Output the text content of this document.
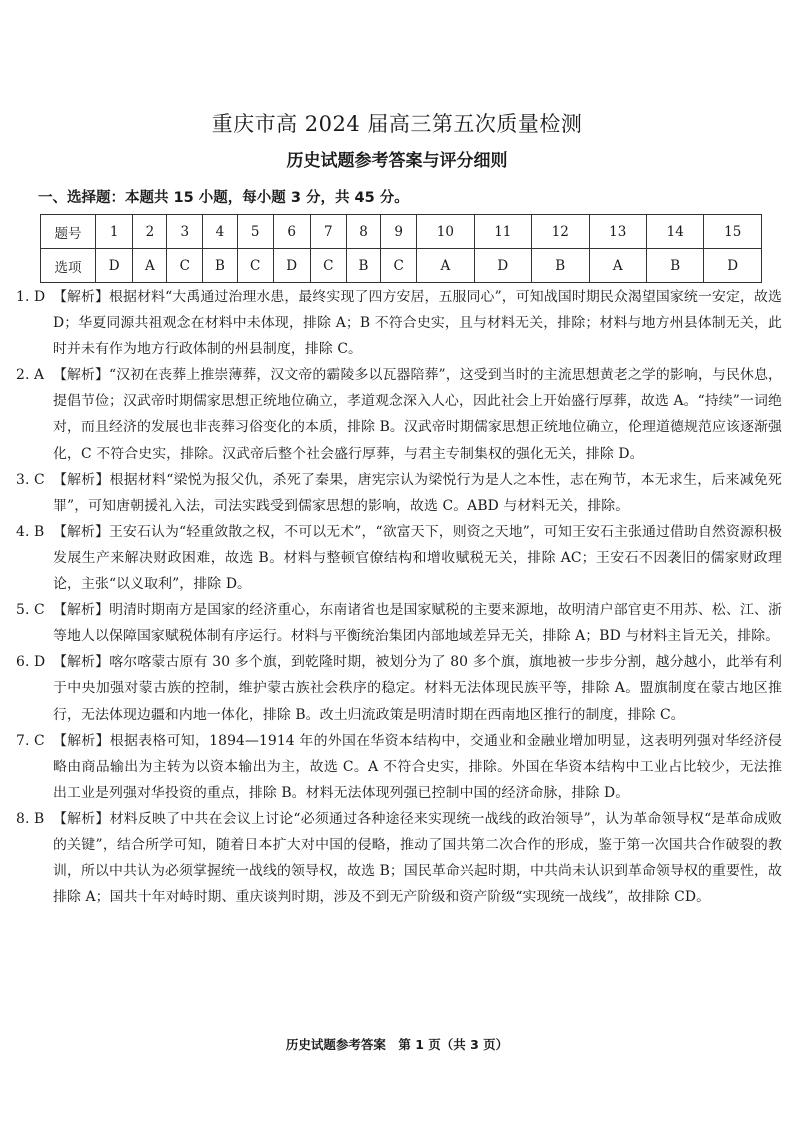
重庆市高 2024 届高三第五次质量检测
历史试题参考答案与评分细则
一、选择题：本题共 15 小题，每小题 3 分，共 45 分。
题号	1	2	3	4	5	6	7	8	9	10	11	12	13	14	15
选项	D	A	C	B	C	D	C	B	C	A	D	B	A	B	D

1. D 【解析】根据材料“大禹通过治理水患，最终实现了四方安居，五服同心”，可知战国时期民众渴望国家统一安定，故选 D；华夏同源共祖观念在材料中未体现，排除 A；B 不符合史实，且与材料无关，排除；材料与地方州县体制无关，此时并未有作为地方行政体制的州县制度，排除 C。

2. A 【解析】“汉初在丧葬上推崇薄葬，汉文帝的霸陵多以瓦器陪葬”，这受到当时的主流思想黄老之学的影响，与民休息，提倡节俭；汉武帝时期儒家思想正统地位确立，孝道观念深入人心，因此社会上开始盛行厚葬，故选 A。“持续”一词绝对，而且经济的发展也非丧葬习俗变化的本质，排除 B。汉武帝时期儒家思想正统地位确立，伦理道德规范应该逐渐强化，C 不符合史实，排除。汉武帝后整个社会盛行厚葬，与君主专制集权的强化无关，排除 D。

3. C 【解析】根据材料“梁悦为报父仇，杀死了秦果，唐宪宗认为梁悦行为是人之本性，志在殉节，本无求生，后来减免死罪”，可知唐朝援礼入法，司法实践受到儒家思想的影响，故选 C。ABD 与材料无关，排除。

4. B 【解析】王安石认为“轻重敛散之权，不可以无术”，“欲富天下，则资之天地”，可知王安石主张通过借助自然资源积极发展生产来解决财政困难，故选 B。材料与整顿官僚结构和增收赋税无关，排除 AC；王安石不因袭旧的儒家财政理论，主张“以义取利”，排除 D。

5. C 【解析】明清时期南方是国家的经济重心，东南诸省也是国家赋税的主要来源地，故明清户部官吏不用苏、松、江、浙等地人以保障国家赋税体制有序运行。材料与平衡统治集团内部地域差异无关，排除 A；BD 与材料主旨无关，排除。

6. D 【解析】喀尔喀蒙古原有 30 多个旗，到乾隆时期，被划分为了 80 多个旗，旗地被一步步分割，越分越小，此举有利于中央加强对蒙古族的控制，维护蒙古族社会秩序的稳定。材料无法体现民族平等，排除 A。盟旗制度在蒙古地区推行，无法体现边疆和内地一体化，排除 B。改土归流政策是明清时期在西南地区推行的制度，排除 C。

7. C 【解析】根据表格可知，1894—1914 年的外国在华资本结构中，交通业和金融业增加明显，这表明列强对华经济侵略由商品输出为主转为以资本输出为主，故选 C。A 不符合史实，排除。外国在华资本结构中工业占比较少，无法推出工业是列强对华投资的重点，排除 B。材料无法体现列强已控制中国的经济命脉，排除 D。

8. B 【解析】材料反映了中共在会议上讨论“必须通过各种途径来实现统一战线的政治领导”，认为革命领导权“是革命成败的关键”，结合所学可知，随着日本扩大对中国的侵略，推动了国共第二次合作的形成，鉴于第一次国共合作破裂的教训，所以中共认为必须掌握统一战线的领导权，故选 B；国民革命兴起时期，中共尚未认识到革命领导权的重要性，故排除 A；国共十年对峙时期、重庆谈判时期，涉及不到无产阶级和资产阶级“实现统一战线”，故排除 CD。

历史试题参考答案　第 1 页（共 3 页）
